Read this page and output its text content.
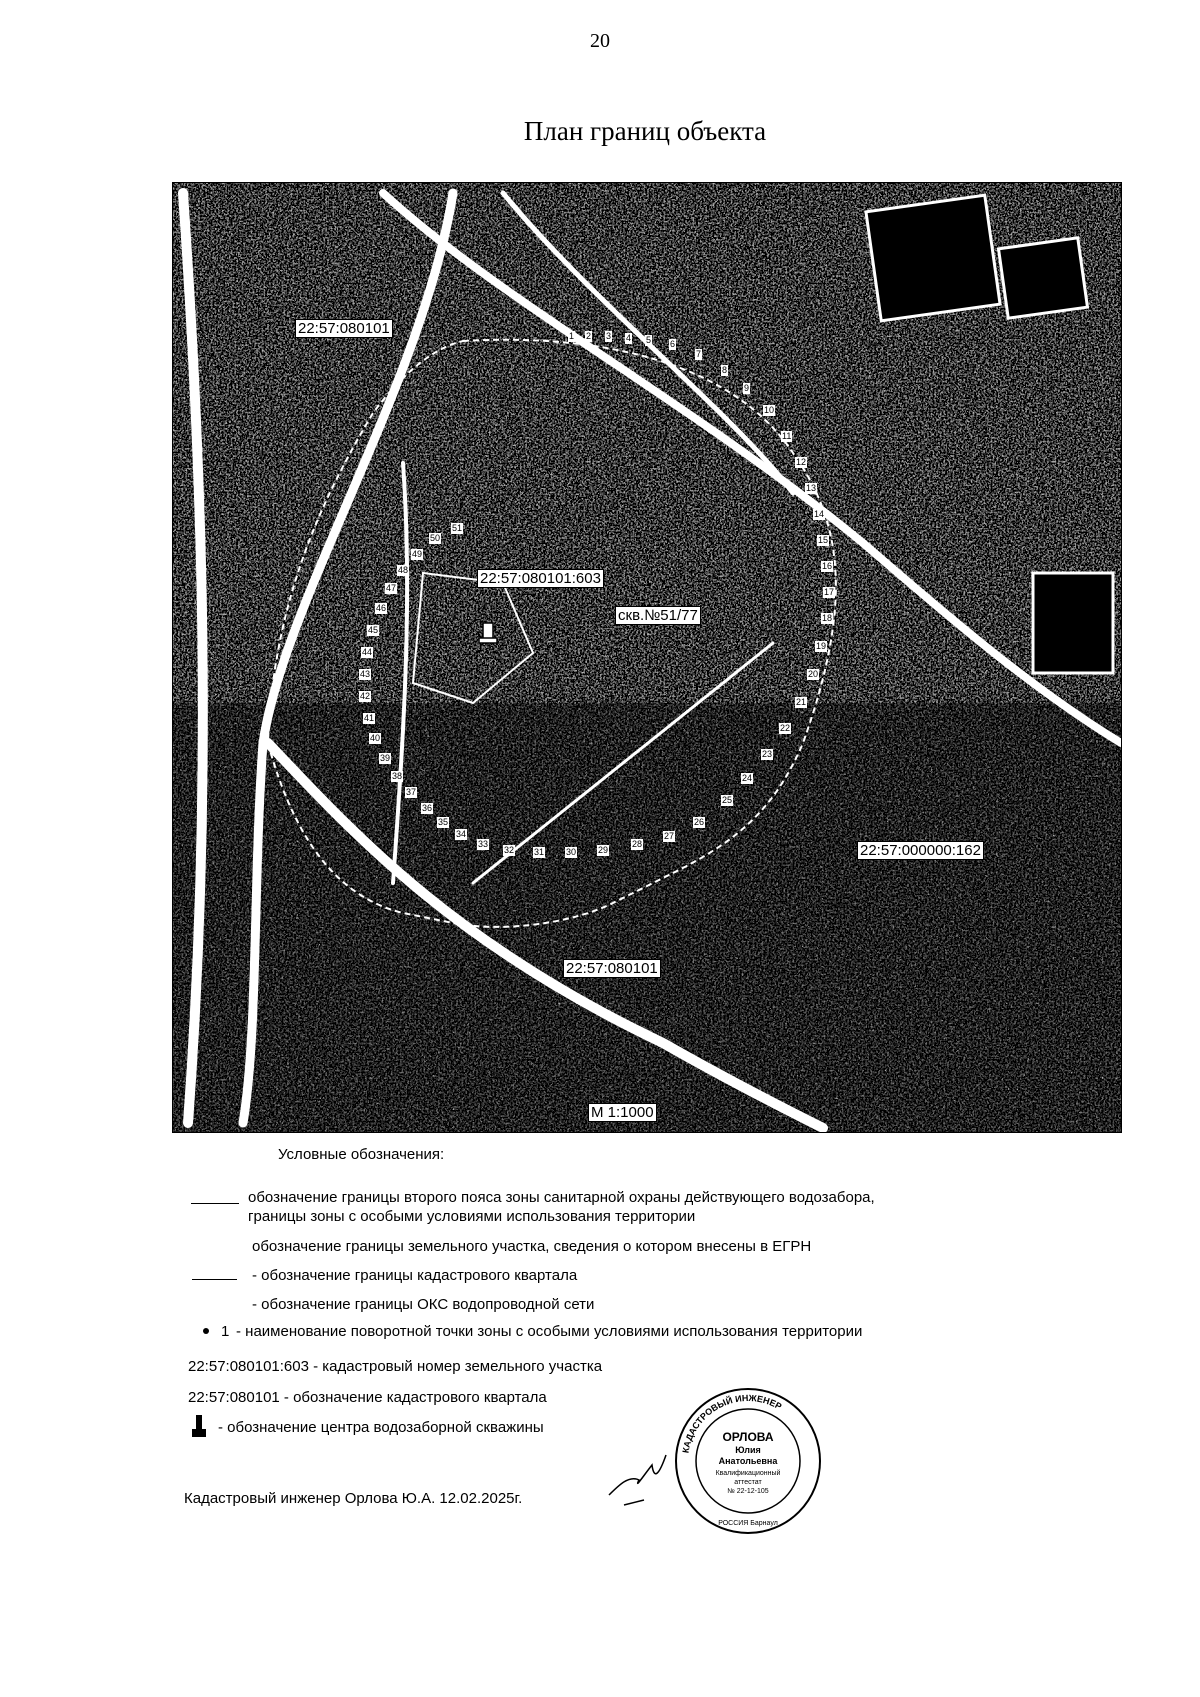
20
План границ объекта
22:57:080101
22:57:080101:603
скв.№51/77
22:57:000000:162
22:57:080101
М 1:1000
1 2 3 4 5 6
7
8
9
10
11
12
13
14
15
16
17
18
19
20
21
22
23
24
25
26
27
28
29
30
31
32
33
34
35
36
37
38
39
40
41
42
43
44
45
46
47
48
49
50
51
Условные обозначения:
обозначение границы второго пояса зоны санитарной охраны действующего водозабора,
границы зоны с особыми условиями использования территории
обозначение границы земельного участка, сведения о котором внесены в ЕГРН
- обозначение границы кадастрового квартала
- обозначение границы ОКС водопроводной сети
1 - наименование поворотной точки зоны с особыми условиями использования территории
22:57:080101:603 - кадастровый номер земельного участка
22:57:080101 - обозначение кадастрового квартала
- обозначение центра водозаборной скважины
Кадастровый инженер Орлова Ю.А. 12.02.2025г.
КАДАСТРОВЫЙ ИНЖЕНЕР
ОРЛОВА
Юлия
Анатольевна
Квалификационный
аттестат
№ 22-12-105
РОССИЯ Барнаул
